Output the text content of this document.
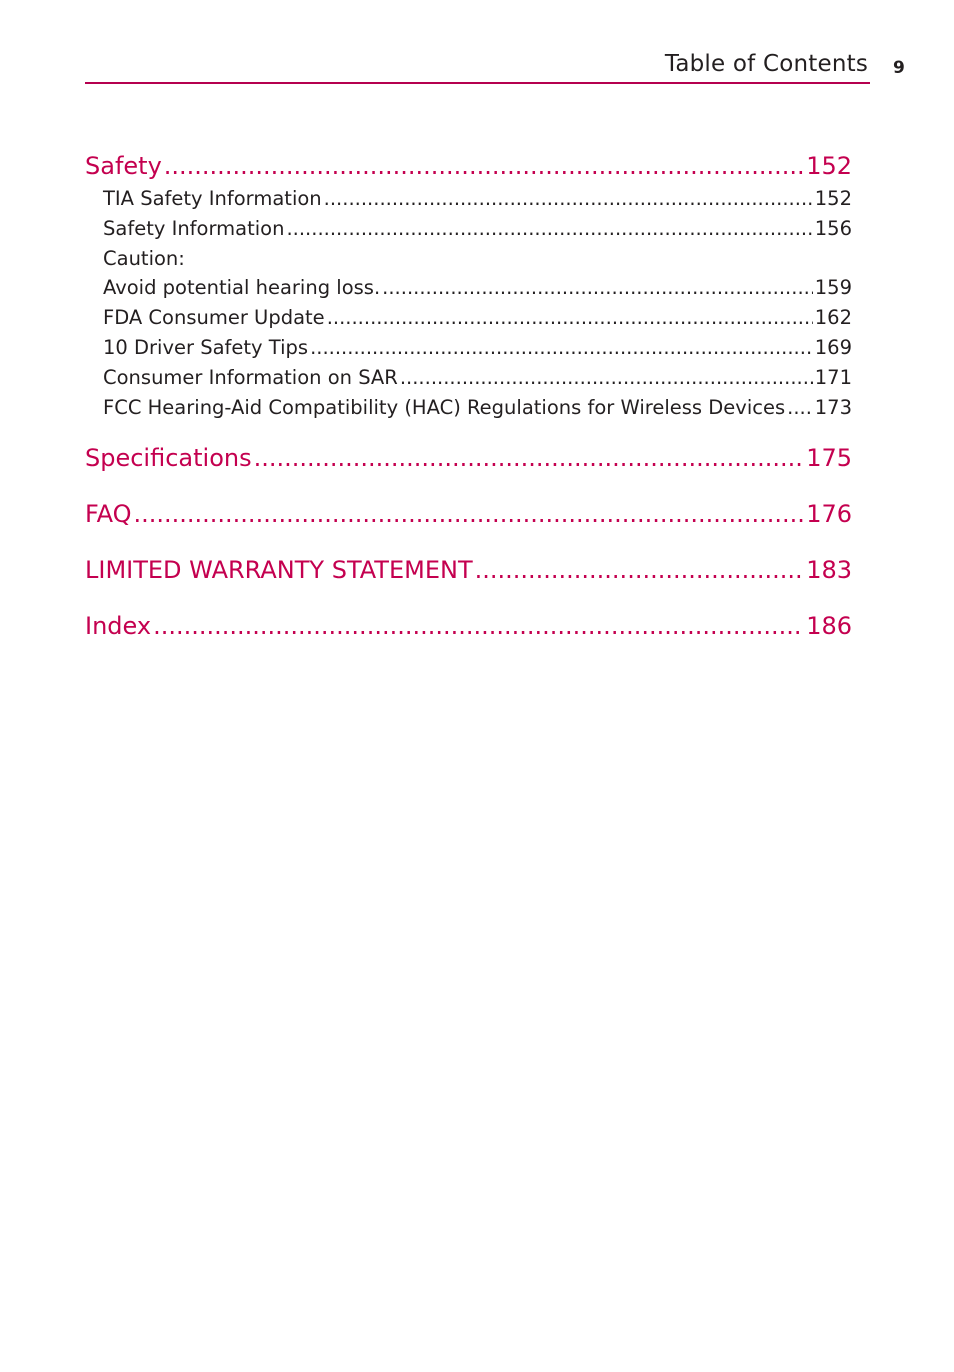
Table of Contents 9
Safety .....	152
TIA Safety Information .....	152
Safety Information .....	156
Caution:
Avoid potential hearing loss. .....	159
FDA Consumer Update .....	162
10 Driver Safety Tips .....	169
Consumer Information on SAR .....	171
FCC Hearing-Aid Compatibility (HAC) Regulations for Wireless Devices ..... 173
Specifications .....	175
FAQ .....	176
LIMITED WARRANTY STATEMENT .....	183
Index .....	186
